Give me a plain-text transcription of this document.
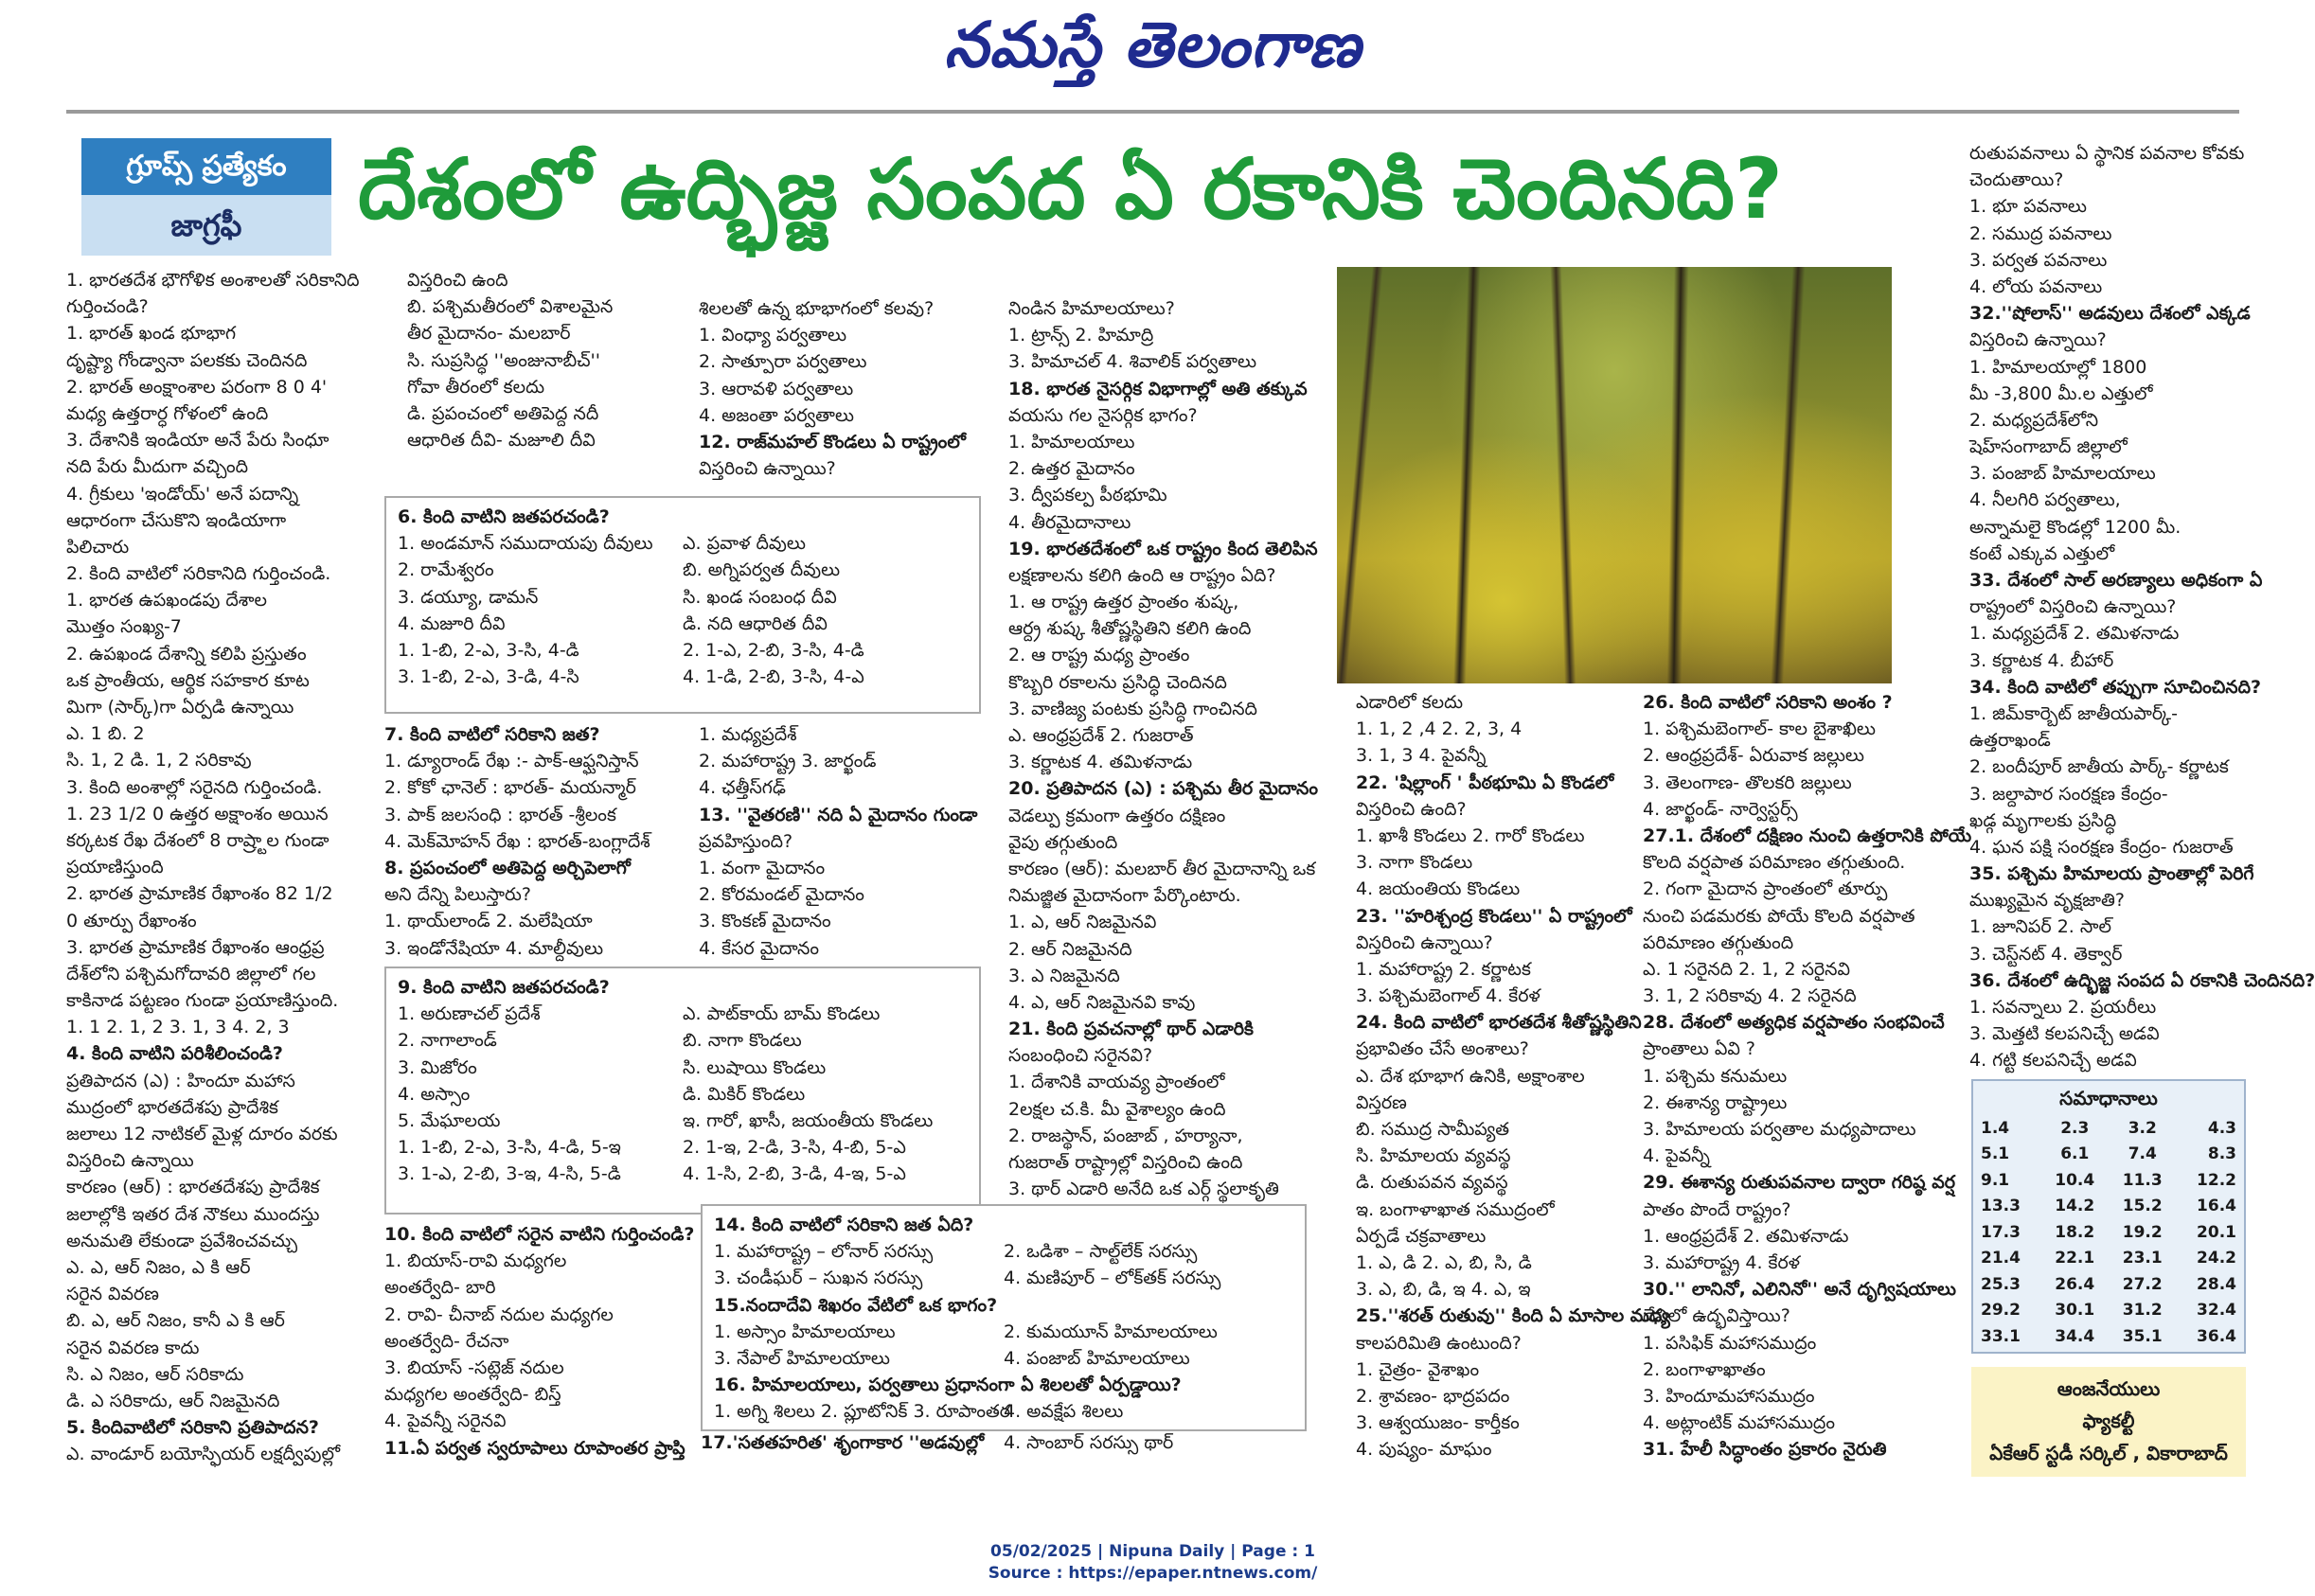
నమస్తే తెలంగాణ
గ్రూప్స్ ప్రత్యేకం
జాగ్రఫీ	దేశంలో ఉద్భిజ్జ సంపద ఏ రకానికి చెందినది?

1. భారతదేశ భౌగోళిక అంశాలతో సరికానిది

గుర్తించండి?

1. భారత్ ఖండ భూభాగ

దృష్ట్యా గోండ్వానా పలకకు చెందినది

2. భారత్ అంక్షాంశాల పరంగా 8 0 4'

మధ్య ఉత్తరార్ధ గోళంలో ఉంది

3. దేశానికి ఇండియా అనే పేరు సింధూ

నది పేరు మీదుగా వచ్చింది

4. గ్రీకులు 'ఇండోయ్' అనే పదాన్ని

ఆధారంగా చేసుకొని ఇండియాగా

పిలిచారు

2. కింది వాటిలో సరికానిది గుర్తించండి.

1. భారత ఉపఖండపు దేశాల

మొత్తం సంఖ్య-7

2. ఉపఖండ దేశాన్ని కలిపి ప్రస్తుతం

ఒక ప్రాంతీయ, ఆర్థిక సహకార కూట

మిగా (సార్క్)గా ఏర్పడి ఉన్నాయి

ఎ. 1 బి. 2

సి. 1, 2 డి. 1, 2 సరికావు

3. కింది అంశాల్లో సరైనది గుర్తించండి.

1. 23 1/2 0 ఉత్తర అక్షాంశం అయిన

కర్కటక రేఖ దేశంలో 8 రాష్ర్టాల గుండా

ప్రయాణిస్తుంది

2. భారత ప్రామాణిక రేఖాంశం 82 1/2

0 తూర్పు రేఖాంశం

3. భారత ప్రామాణిక రేఖాంశం ఆంధ్రప్ర

దేశ్‌లోని పశ్చిమగోదావరి జిల్లాలో గల

కాకినాడ పట్టణం గుండా ప్రయాణిస్తుంది.

1. 1 2. 1, 2 3. 1, 3 4. 2, 3

4. కింది వాటిని పరిశీలించండి?

ప్రతిపాదన (ఎ) : హిందూ మహాస

ముద్రంలో భారతదేశపు ప్రాదేశిక

జలాలు 12 నాటికల్ మైళ్ల దూరం వరకు

విస్తరించి ఉన్నాయి

కారణం (ఆర్) : భారతదేశపు ప్రాదేశిక

జలాల్లోకి ఇతర దేశ నౌకలు ముందస్తు

అనుమతి లేకుండా ప్రవేశించవచ్చు

ఎ. ఎ, ఆర్ నిజం, ఎ కి ఆర్

సరైన వివరణ

బి. ఎ, ఆర్ నిజం, కానీ ఎ కి ఆర్

సరైన వివరణ కాదు

సి. ఎ నిజం, ఆర్ సరికాదు

డి. ఎ సరికాదు, ఆర్ నిజమైనది

5. కిందివాటిలో సరికాని ప్రతిపాదన?

ఎ. వాండూర్ బయోస్ఫియర్ లక్షద్వీపుల్లో

విస్తరించి ఉంది

బి. పశ్చిమతీరంలో విశాలమైన

తీర మైదానం- మలబార్

సి. సుప్రసిద్ధ ''అంజునాబీచ్''

గోవా తీరంలో కలదు

డి. ప్రపంచంలో అతిపెద్ద నదీ

ఆధారిత దీవి- మజూలి దీవి

6. కింది వాటిని జతపరచండి?

1. అండమాన్ సముదాయపు దీవులు	ఎ. ప్రవాళ దీవులు

2. రామేశ్వరం	బి. అగ్నిపర్వత దీవులు

3. డయ్యూ, డామన్	సి. ఖండ సంబంధ దీవి

4. మజూరి దీవి	డి. నది ఆధారిత దీవి

1. 1-బి, 2-ఎ, 3-సి, 4-డి	2. 1-ఎ, 2-బి, 3-సి, 4-డి

3. 1-బి, 2-ఎ, 3-డి, 4-సి	4. 1-డి, 2-బి, 3-సి, 4-ఎ

7. కింది వాటిలో సరికాని జత?

1. డ్యూరాండ్ రేఖ :- పాక్-ఆఫ్ఘనిస్తాన్

2. కోకో ఛానెల్ : భారత్- మయన్మార్

3. పాక్ జలసంధి : భారత్ -శ్రీలంక

4. మెక్‌మోహన్ రేఖ : భారత్-బంగ్లాదేశ్

8. ప్రపంచంలో అతిపెద్ద అర్చిపెలాగో

అని దేన్ని పిలుస్తారు?

1. థాయ్‌లాండ్ 2. మలేషియా

3. ఇండోనేషియా 4. మాల్దీవులు

1. మధ్యప్రదేశ్

2. మహారాష్ట్ర 3. జార్ఖండ్

4. ఛత్తీస్‌గఢ్

13. ''వైతరణి'' నది ఏ మైదానం గుండా

ప్రవహిస్తుంది?

1. వంగా మైదానం

2. కోరమండల్ మైదానం

3. కొంకణ్ మైదానం

4. కేసర మైదానం

9. కింది వాటిని జతపరచండి?

1. అరుణాచల్ ప్రదేశ్	ఎ. పాట్‌కాయ్ బామ్ కొండలు

2. నాగాలాండ్	బి. నాగా కొండలు

3. మిజోరం	సి. లుషాయి కొండలు

4. అస్సాం	డి. మికిర్ కొండలు

5. మేఘాలయ	ఇ. గారో, ఖాసీ, జయంతీయ కొండలు

1. 1-బి, 2-ఎ, 3-సి, 4-డి, 5-ఇ	2. 1-ఇ, 2-డి, 3-సి, 4-బి, 5-ఎ

3. 1-ఎ, 2-బి, 3-ఇ, 4-సి, 5-డి	4. 1-సి, 2-బి, 3-డి, 4-ఇ, 5-ఎ

10. కింది వాటిలో సరైన వాటిని గుర్తించండి?

1. బియాస్-రావి మధ్యగల

అంతర్వేది- బారి

2. రావి- చీనాబ్ నదుల మధ్యగల

అంతర్వేది- రేచనా

3. బియాస్ -సట్లెజ్ నదుల

మధ్యగల అంతర్వేది- బిస్త్

4. పైవన్నీ సరైనవి

11.ఏ పర్వత స్వరూపాలు రూపాంతర ప్రాప్తి

శిలలతో ఉన్న భూభాగంలో కలవు?

1. వింధ్యా పర్వతాలు

2. సాత్పూరా పర్వతాలు

3. ఆరావళి పర్వతాలు

4. అజంతా పర్వతాలు

12. రాజ్‌మహల్ కొండలు ఏ రాష్ట్రంలో

విస్తరించి ఉన్నాయి?

నిండిన హిమాలయాలు?

1. ట్రాన్స్ 2. హిమాద్రి

3. హిమాచల్ 4. శివాలిక్ పర్వతాలు

18. భారత నైసర్గిక విభాగాల్లో అతి తక్కువ

వయసు గల నైసర్గిక భాగం?

1. హిమాలయాలు

2. ఉత్తర మైదానం

3. ద్వీపకల్ప పీఠభూమి

4. తీరమైదానాలు

19. భారతదేశంలో ఒక రాష్ట్రం కింద తెలిపిన

లక్షణాలను కలిగి ఉంది ఆ రాష్ట్రం ఏది?

1. ఆ రాష్ట్ర ఉత్తర ప్రాంతం శుష్క,

ఆర్ద్ర శుష్క శీతోష్ణస్థితిని కలిగి ఉంది

2. ఆ రాష్ట్ర మధ్య ప్రాంతం

కొబ్బరి రకాలను ప్రసిద్ధి చెందినది

3. వాణిజ్య పంటకు ప్రసిద్ధి గాంచినది

ఎ. ఆంధ్రప్రదేశ్ 2. గుజరాత్

3. కర్ణాటక 4. తమిళనాడు

20. ప్రతిపాదన (ఎ) : పశ్చిమ తీర మైదానం

వెడల్పు క్రమంగా ఉత్తరం దక్షిణం

వైపు తగ్గుతుంది

కారణం (ఆర్): మలబార్ తీర మైదానాన్ని ఒక

నిమజ్జిత మైదానంగా పేర్కొంటారు.

1. ఎ, ఆర్ నిజమైనవి

2. ఆర్ నిజమైనది

3. ఎ నిజమైనది

4. ఎ, ఆర్ నిజమైనవి కావు

21. కింది ప్రవచనాల్లో థార్ ఎడారికి

సంబంధించి సరైనవి?

1. దేశానికి వాయవ్య ప్రాంతంలో

2లక్షల చ.కి. మీ వైశాల్యం ఉంది

2. రాజస్థాన్, పంజాబ్ , హర్యానా,

గుజరాత్ రాష్ట్రాల్లో విస్తరించి ఉంది

3. థార్ ఎడారి అనేది ఒక ఎర్గ్ స్థలాకృతి

14. కింది వాటిలో సరికాని జత ఏది?

1. మహారాష్ట్ర – లోనార్ సరస్సు	2. ఒడిశా – సాల్ట్‌లేక్ సరస్సు

3. చండీఘర్ – సుఖన సరస్సు	4. మణిపూర్ – లోక్‌తక్ సరస్సు

15.నందాదేవి శిఖరం వేటిలో ఒక భాగం?

1. అస్సాం హిమాలయాలు	2. కుమయూన్ హిమాలయాలు

3. నేపాల్ హిమాలయాలు	4. పంజాబ్ హిమాలయాలు

16. హిమాలయాలు, పర్వతాలు ప్రధానంగా ఏ శిలలతో ఏర్పడ్డాయి?

1. అగ్ని శిలలు 2. ప్లూటోనిక్ 3. రూపాంతర

4. అవక్షేప శిలలు

17.'సతతహరిత' శృంగాకార ''అడవుల్లో	4. సాంబార్ సరస్సు థార్

ఎడారిలో కలదు

1. 1, 2 ,4 2. 2, 3, 4

3. 1, 3 4. పైవన్నీ

22. 'షిల్లాంగ్ ' పీఠభూమి ఏ కొండలో

విస్తరించి ఉంది?

1. ఖాశీ కొండలు 2. గారో కొండలు

3. నాగా కొండలు

4. జయంతియ కొండలు

23. ''హరిశ్చంద్ర కొండలు'' ఏ రాష్ట్రంలో

విస్తరించి ఉన్నాయి?

1. మహారాష్ట్ర 2. కర్ణాటక

3. పశ్చిమబెంగాల్ 4. కేరళ

24. కింది వాటిలో భారతదేశ శీతోష్ణస్థితిని

ప్రభావితం చేసే అంశాలు?

ఎ. దేశ భూభాగ ఉనికి, అక్షాంశాల

విస్తరణ

బి. సముద్ర సామీప్యత

సి. హిమాలయ వ్యవస్థ

డి. రుతుపవన వ్యవస్థ

ఇ. బంగాళాఖాత సముద్రంలో

ఏర్పడే చక్రవాతాలు

1. ఎ, డి 2. ఎ, బి, సి, డి

3. ఎ, బి, డి, ఇ 4. ఎ, ఇ

25.''శరత్ రుతువు'' కింది ఏ మాసాల మధ్య

కాలపరిమితి ఉంటుంది?

1. చైత్రం- వైశాఖం

2. శ్రావణం- భాద్రపదం

3. ఆశ్వయుజం- కార్తీకం

4. పుష్యం- మాఘం

26. కింది వాటిలో సరికాని అంశం ?

1. పశ్చిమబెంగాల్- కాల బైశాఖిలు

2. ఆంధ్రప్రదేశ్- ఏరువాక జల్లులు

3. తెలంగాణ- తొలకరి జల్లులు

4. జార్ఖండ్- నార్వెస్టర్స్

27.1. దేశంలో దక్షిణం నుంచి ఉత్తరానికి పోయే

కొలది వర్షపాత పరిమాణం తగ్గుతుంది.

2. గంగా మైదాన ప్రాంతంలో తూర్పు

నుంచి పడమరకు పోయే కొలది వర్షపాత

పరిమాణం తగ్గుతుంది

ఎ. 1 సరైనది 2. 1, 2 సరైనవి

3. 1, 2 సరికావు 4. 2 సరైనది

28. దేశంలో అత్యధిక వర్షపాతం సంభవించే

ప్రాంతాలు ఏవి ?

1. పశ్చిమ కనుమలు

2. ఈశాన్య రాష్ట్రాలు

3. హిమాలయ పర్వతాల మధ్యపాదాలు

4. పైవన్నీ

29. ఈశాన్య రుతుపవనాల ద్వారా గరిష్ఠ వర్ష

పాతం పొందే రాష్ట్రం?

1. ఆంధ్రప్రదేశ్ 2. తమిళనాడు

3. మహారాష్ట్ర 4. కేరళ

30.'' లానినో, ఎలినినో'' అనే దృగ్విషయాలు

దేనిలో ఉద్భవిస్తాయి?

1. పసిఫిక్ మహాసముద్రం

2. బంగాళాఖాతం

3. హిందూమహాసముద్రం

4. అట్లాంటిక్ మహాసముద్రం

31. హేలీ సిద్ధాంతం ప్రకారం నైరుతి

రుతుపవనాలు ఏ స్థానిక పవనాల కోవకు

చెందుతాయి?

1. భూ పవనాలు

2. సముద్ర పవనాలు

3. పర్వత పవనాలు

4. లోయ పవనాలు

32.''షోలాస్'' అడవులు దేశంలో ఎక్కడ

విస్తరించి ఉన్నాయి?

1. హిమాలయాల్లో 1800

మీ -3,800 మీ.ల ఎత్తులో

2. మధ్యప్రదేశ్‌లోని

షెహ్‌సంగాబాద్ జిల్లాలో

3. పంజాబ్ హిమాలయాలు

4. నీలగిరి పర్వతాలు,

అన్నామలై కొండల్లో 1200 మీ.

కంటే ఎక్కువ ఎత్తులో

33. దేశంలో సాల్ అరణ్యాలు అధికంగా ఏ

రాష్ట్రంలో విస్తరించి ఉన్నాయి?

1. మధ్యప్రదేశ్ 2. తమిళనాడు

3. కర్ణాటక 4. బీహార్

34. కింది వాటిలో తప్పుగా సూచించినది?

1. జిమ్‌కార్బెట్ జాతీయపార్క్-

ఉత్తరాఖండ్

2. బందీపూర్ జాతీయ పార్క్- కర్ణాటక

3. జల్దాపార సంరక్షణ కేంద్రం-

ఖడ్గ మృగాలకు ప్రసిద్ధి

4. ఘన పక్షి సంరక్షణ కేంద్రం- గుజరాత్

35. పశ్చిమ హిమాలయ ప్రాంతాల్లో పెరిగే

ముఖ్యమైన వృక్షజాతి?

1. జూనిపర్ 2. సాల్

3. చెస్ట్‌నట్ 4. తెక్వార్

36. దేశంలో ఉద్భిజ్జ సంపద ఏ రకానికి చెందినది?

1. సవన్నాలు 2. ప్రయరీలు

3. మెత్తటి కలపనిచ్చే అడవి

4. గట్టి కలపనిచ్చే అడవి

సమాధానాలు
1.4	2.3	3.2	4.3
5.1	6.1	7.4	8.3
9.1	10.4	11.3	12.2
13.3	14.2	15.2	16.4
17.3	18.2	19.2	20.1
21.4	22.1	23.1	24.2
25.3	26.4	27.2	28.4
29.2	30.1	31.2	32.4
33.1	34.4	35.1	36.4
ఆంజనేయులు
ఫ్యాకల్టీ
ఏకేఆర్ స్టడీ సర్కిల్ , వికారాబాద్
05/02/2025 | Nipuna Daily | Page : 1
Source : https://epaper.ntnews.com/
